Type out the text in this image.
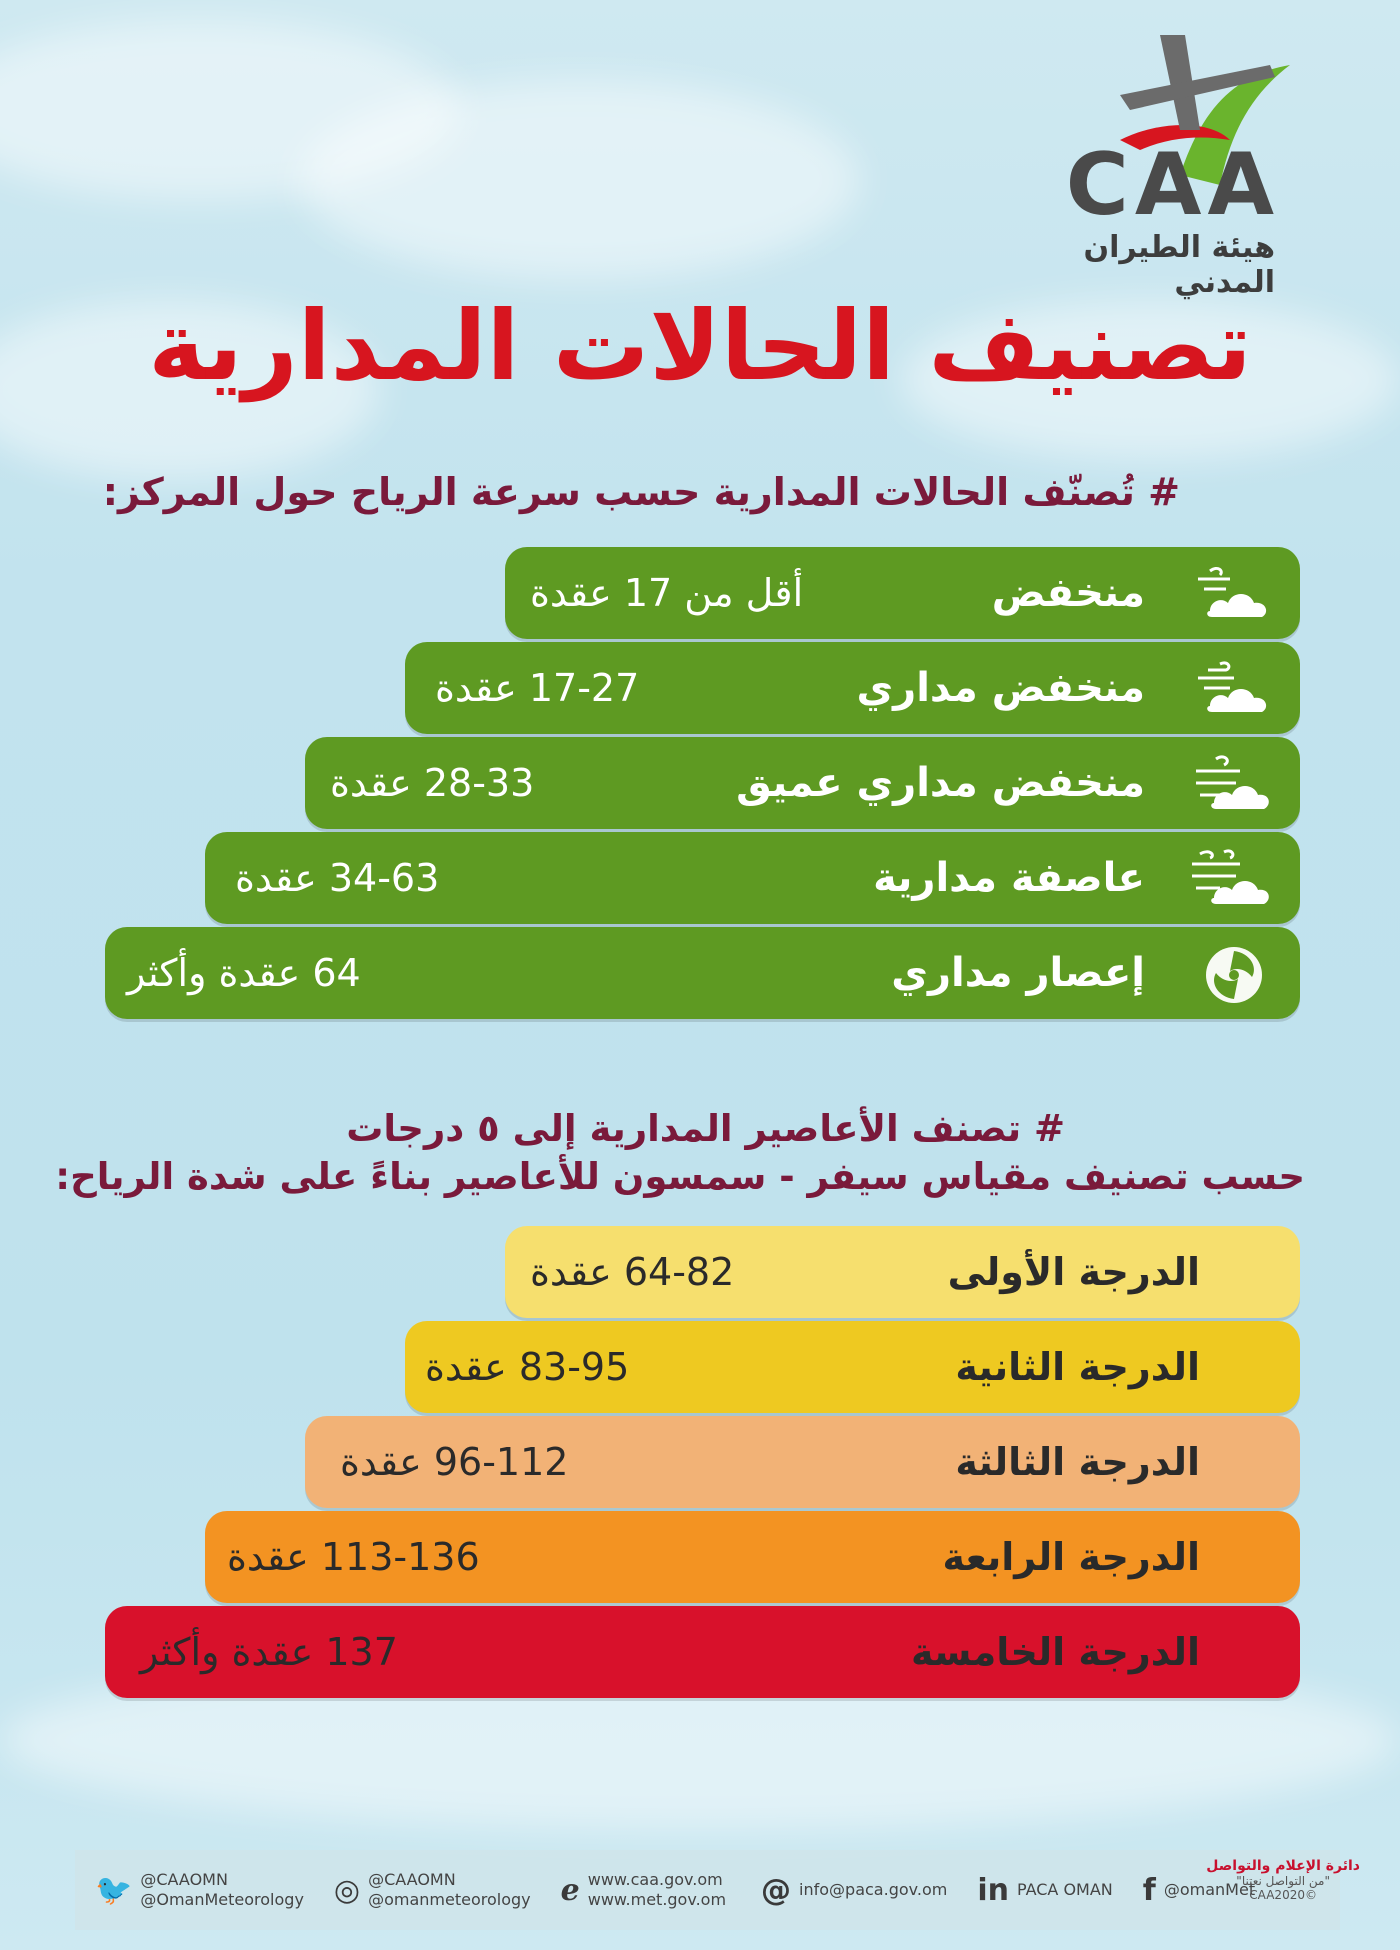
CAA
هيئة الطيران المدني
تصنيف الحالات المدارية
# تُصنّف الحالات المدارية حسب سرعة الرياح حول المركز:
منخفض
أقل من 17 عقدة
منخفض مداري
17-27 عقدة
منخفض مداري عميق
28-33 عقدة
عاصفة مدارية
34-63 عقدة
إعصار مداري
64 عقدة وأكثر
# تصنف الأعاصير المدارية إلى ٥ درجات
حسب تصنيف مقياس سيفر - سمسون للأعاصير بناءً على شدة الرياح:
الدرجة الأولى
64-82 عقدة
الدرجة الثانية
83-95 عقدة
الدرجة الثالثة
96-112 عقدة
الدرجة الرابعة
113-136 عقدة
الدرجة الخامسة
137 عقدة وأكثر
🐦 @CAAOMN
@OmanMeteorology ◎ @CAAOMN
@omanmeteorology ℯ www.caa.gov.om
www.met.gov.om @ info@paca.gov.om in PACA OMAN f @omanMet
دائرة الإعلام والتواصل
"من التواصل نعتنا"
©CAA2020
